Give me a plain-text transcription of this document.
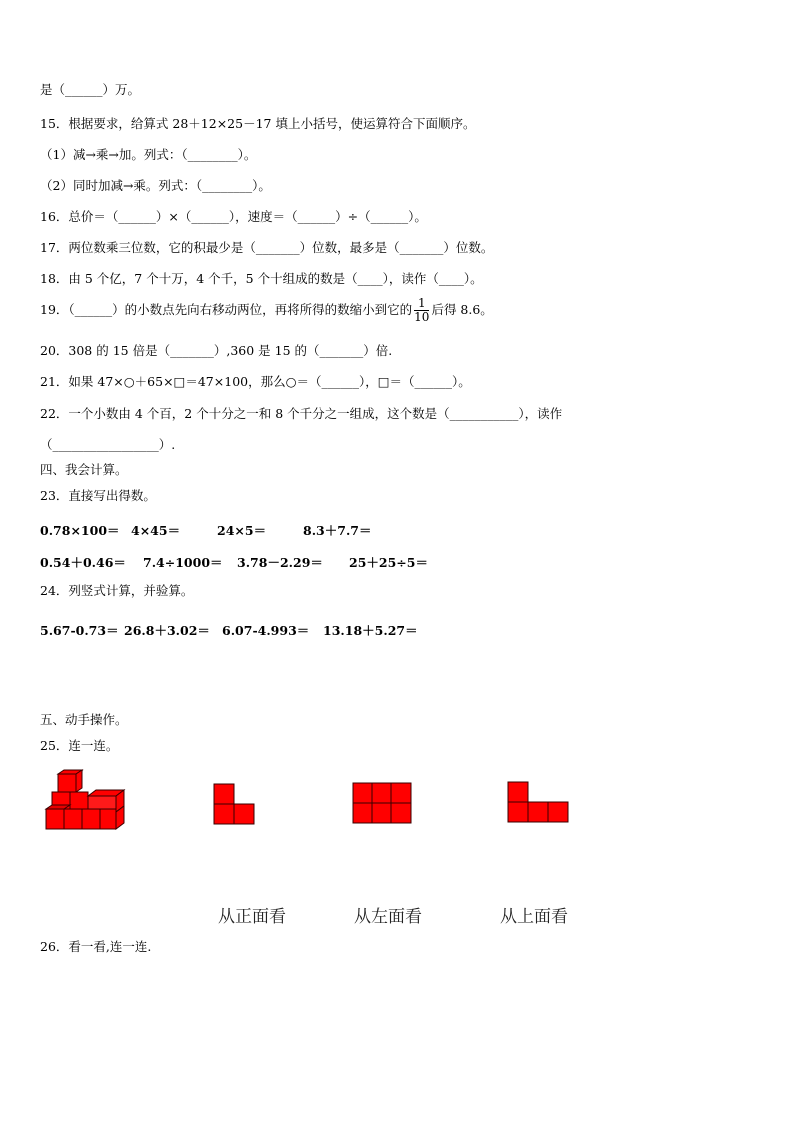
是（______）万。
15．根据要求，给算式 28＋12×25－17 填上小括号，使运算符合下面顺序。
（1）减→乘→加。列式：（________）。
（2）同时加减→乘。列式：（________）。
16．总价＝（______）×（______），速度＝（______）÷（______）。
17．两位数乘三位数，它的积最少是（_______）位数，最多是（_______）位数。
18．由 5 个亿，7 个十万，4 个千，5 个十组成的数是（____），读作（____）。
19．（______）的小数点先向右移动两位，再将所得的数缩小到它的 $\frac{1}{10}$ 后得 8.6。
20．308 的 15 倍是（_______）,360 是 15 的（_______）倍.
21．如果 47×○＋65×□＝47×100，那么○＝（______），□＝（______）。
22．一个小数由 4 个百，2 个十分之一和 8 个千分之一组成，这个数是（___________），读作
（_________________）.
四、我会计算。
23．直接写出得数。
0.78×100＝ 4×45＝	24×5＝	8.3＋7.7＝
0.54＋0.46＝ 7.4÷1000＝ 3.78－2.29＝ 25＋25÷5＝
24．列竖式计算，并验算。
5.67-0.73＝ 26.8＋3.02＝ 6.07-4.993＝ 13.18＋5.27＝
五、动手操作。
25．连一连。
从正面看	从左面看	从上面看
26．看一看,连一连.
